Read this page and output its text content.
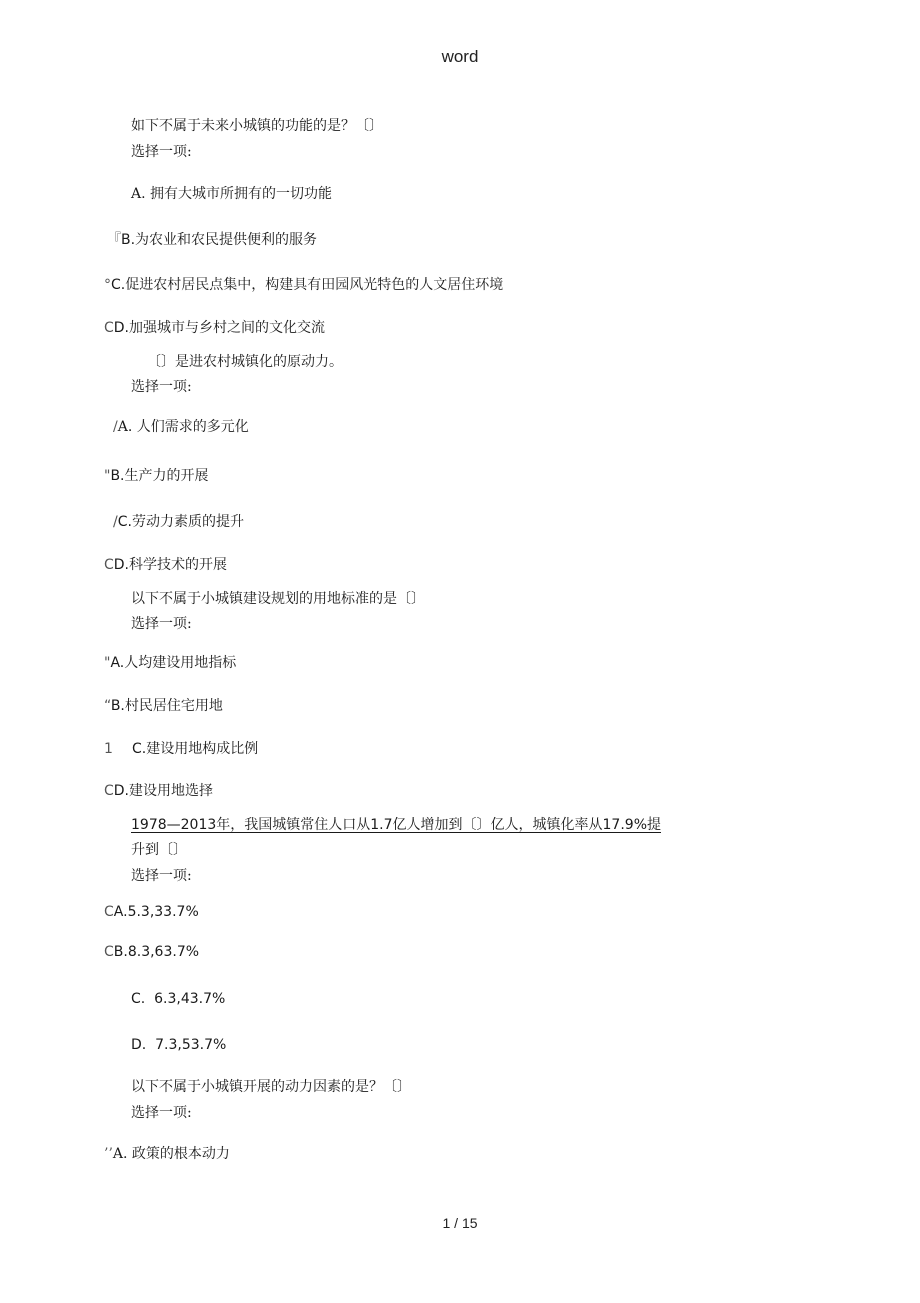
word
如下不属于未来小城镇的功能的是？〔〕
选择一项:
A. 拥有大城市所拥有的一切功能
『B.为农业和农民提供便利的服务
°C.促进农村居民点集中，构建具有田园风光特色的人文居住环境
CD.加强城市与乡村之间的文化交流
〔〕是进农村城镇化的原动力。
选择一项:
/A. 人们需求的多元化
"B.生产力的开展
/C.劳动力素质的提升
CD.科学技术的开展
以下不属于小城镇建设规划的用地标准的是〔〕
选择一项:
"A.人均建设用地指标
“B.村民居住宅用地
1 C.建设用地构成比例
CD.建设用地选择
1978—2013年，我国城镇常住人口从1.7亿人增加到〔〕亿人，城镇化率从17.9%提
升到〔〕
选择一项:
CA.5.3,33.7%
CB.8.3,63.7%
C.  6.3,43.7%
D.  7.3,53.7%
以下不属于小城镇开展的动力因素的是？〔〕
选择一项:
’’A. 政策的根本动力
1 / 15
